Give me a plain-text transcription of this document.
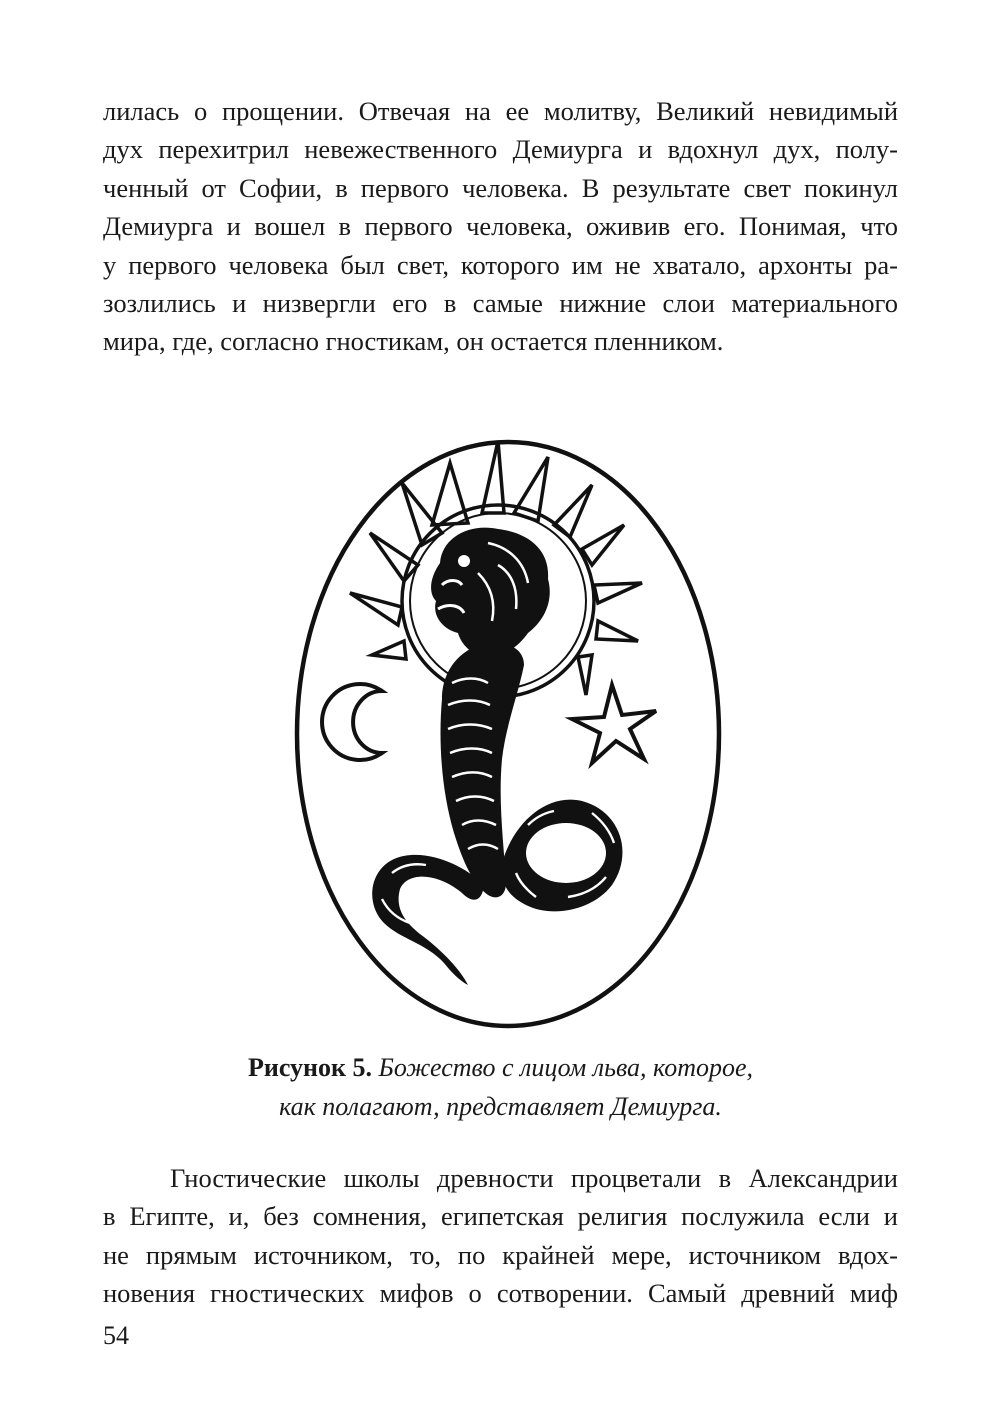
лилась о прощении. Отвечая на ее молитву, Великий невидимый
дух перехитрил невежественного Демиурга и вдохнул дух, полу-
ченный от Софии, в первого человека. В результате свет покинул
Демиурга и вошел в первого человека, оживив его. Понимая, что
у первого человека был свет, которого им не хватало, архонты ра-
зозлились и низвергли его в самые нижние слои материального
мира, где, согласно гностикам, он остается пленником.
Рисунок 5. Божество с лицом льва, которое,
как полагают, представляет Демиурга.
Гностические школы древности процветали в Александрии
в Египте, и, без сомнения, египетская религия послужила если и
не прямым источником, то, по крайней мере, источником вдох-
новения гностических мифов о сотворении. Самый древний миф
54
